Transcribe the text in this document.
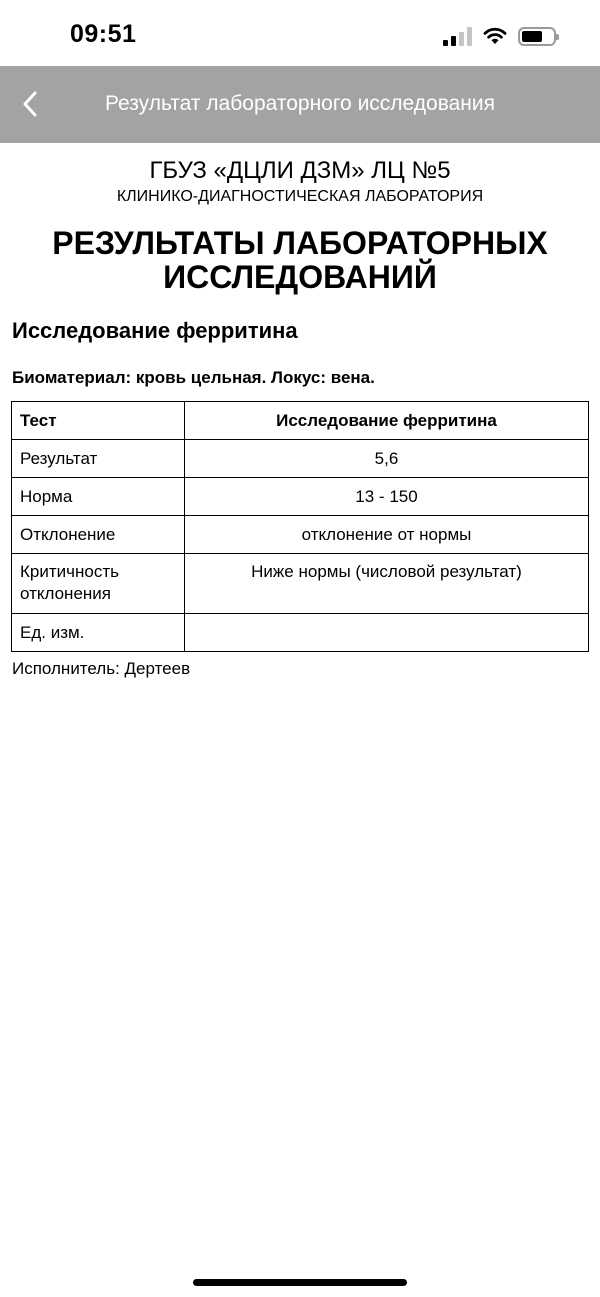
09:51
Результат лабораторного исследования
ГБУЗ «ДЦЛИ ДЗМ» ЛЦ №5
КЛИНИКО-ДИАГНОСТИЧЕСКАЯ ЛАБОРАТОРИЯ
РЕЗУЛЬТАТЫ ЛАБОРАТОРНЫХ ИССЛЕДОВАНИЙ
Исследование ферритина
Биоматериал: кровь цельная. Локус: вена.
Тест	Исследование ферритина
Результат	5,6
Норма	13 - 150
Отклонение	отклонение от нормы
Критичность отклонения	Ниже нормы (числовой результат)
Ед. изм.	
Исполнитель: Дертеев
